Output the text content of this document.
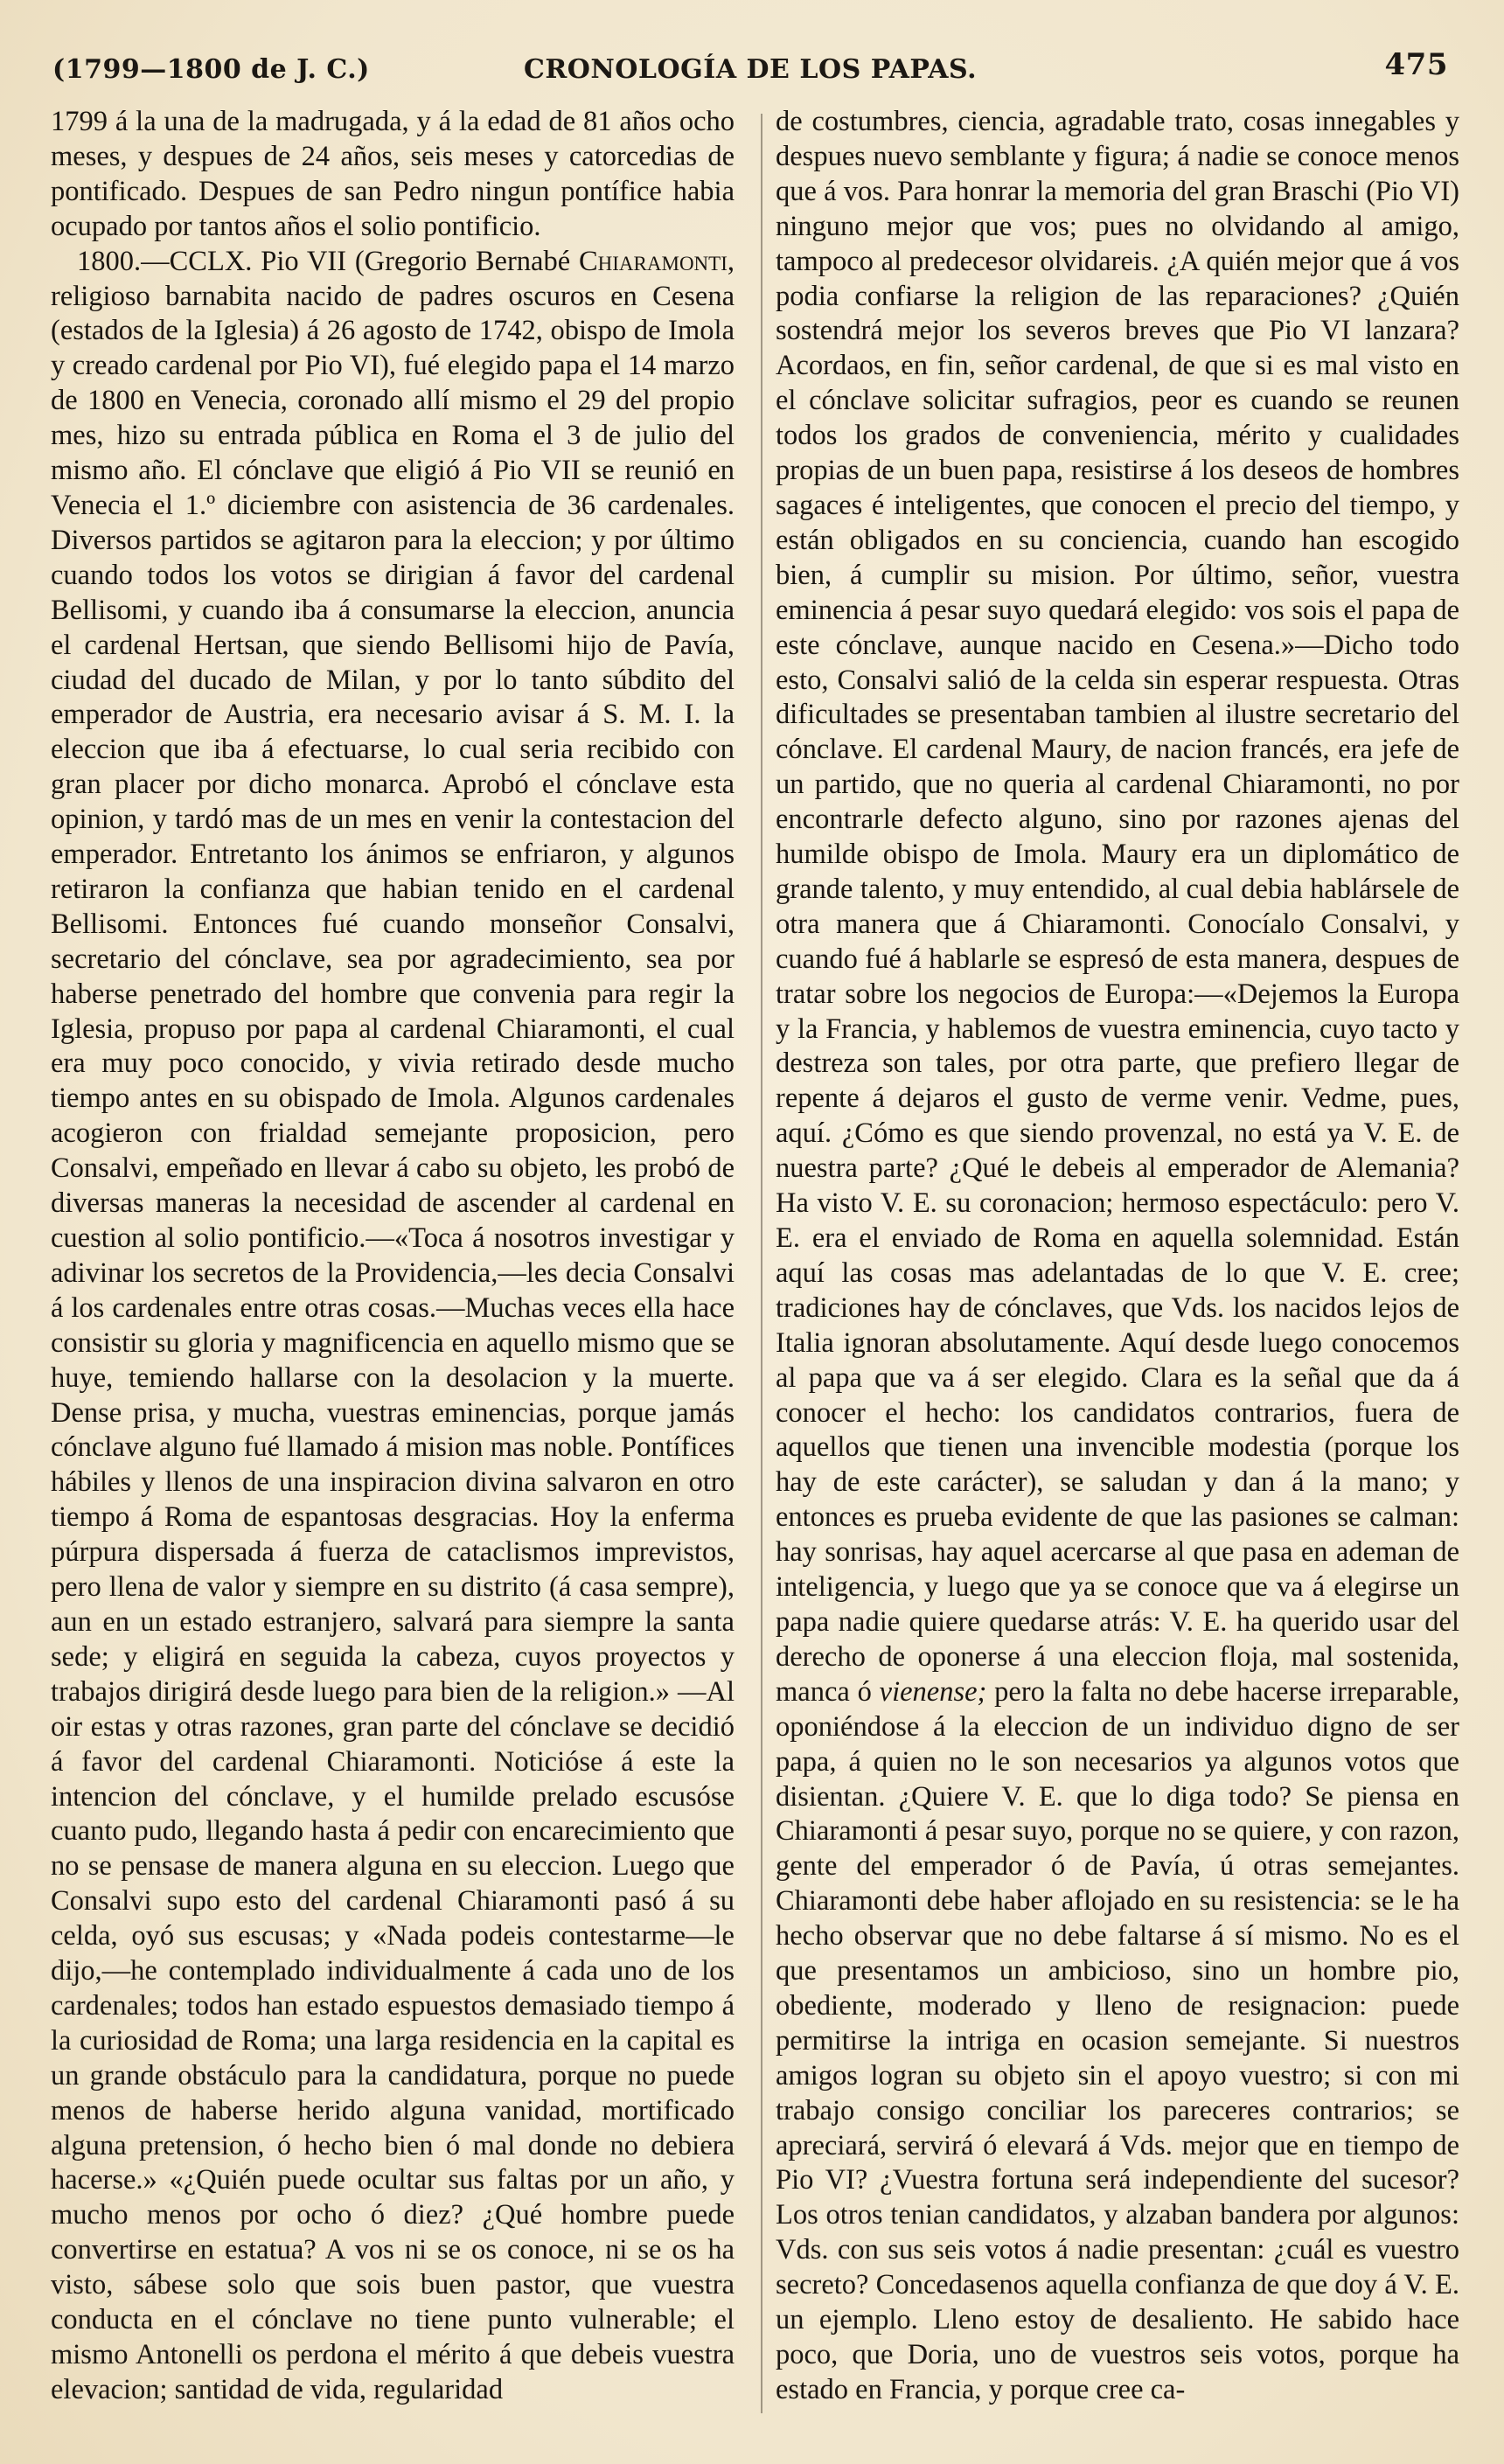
(1799—1800 de J. C.)	CRONOLOGÍA DE LOS PAPAS.	475

1799 á la una de la madrugada, y á la edad de 81 años ocho meses, y despues de 24 años, seis meses y catorcedias de pontificado. Despues de san Pedro ningun pontífice habia ocupado por tantos años el solio pontificio.

1800.—CCLX. Pio VII (Gregorio Bernabé Chiaramonti, religioso barnabita nacido de padres oscuros en Cesena (estados de la Iglesia) á 26 agosto de 1742, obispo de Imola y creado cardenal por Pio VI), fué elegido papa el 14 marzo de 1800 en Venecia, coronado allí mismo el 29 del propio mes, hizo su entrada pública en Roma el 3 de julio del mismo año. El cónclave que eligió á Pio VII se reunió en Venecia el 1.º diciembre con asistencia de 36 cardenales. Diversos partidos se agitaron para la eleccion; y por último cuando todos los votos se dirigian á favor del cardenal Bellisomi, y cuando iba á consumarse la eleccion, anuncia el cardenal Hertsan, que siendo Bellisomi hijo de Pavía, ciudad del ducado de Milan, y por lo tanto súbdito del emperador de Austria, era necesario avisar á S. M. I. la eleccion que iba á efectuarse, lo cual seria recibido con gran placer por dicho monarca. Aprobó el cónclave esta opinion, y tardó mas de un mes en venir la contestacion del emperador. Entretanto los ánimos se enfriaron, y algunos retiraron la confianza que habian tenido en el cardenal Bellisomi. Entonces fué cuando monseñor Consalvi, secretario del cónclave, sea por agradecimiento, sea por haberse penetrado del hombre que convenia para regir la Iglesia, propuso por papa al cardenal Chiaramonti, el cual era muy poco conocido, y vivia retirado desde mucho tiempo antes en su obispado de Imola. Algunos cardenales acogieron con frialdad semejante proposicion, pero Consalvi, empeñado en llevar á cabo su objeto, les probó de diversas maneras la necesidad de ascender al cardenal en cuestion al solio pontificio.—«Toca á nosotros investigar y adivinar los secretos de la Providencia,—les decia Consalvi á los cardenales entre otras cosas.—Muchas veces ella hace consistir su gloria y magnificencia en aquello mismo que se huye, temiendo hallarse con la desolacion y la muerte. Dense prisa, y mucha, vuestras eminencias, porque jamás cónclave alguno fué llamado á mision mas noble. Pontífices hábiles y llenos de una inspiracion divina salvaron en otro tiempo á Roma de espantosas desgracias. Hoy la enferma púrpura dispersada á fuerza de cataclismos imprevistos, pero llena de valor y siempre en su distrito (á casa sempre), aun en un estado estranjero, salvará para siempre la santa sede; y eligirá en seguida la cabeza, cuyos proyectos y trabajos dirigirá desde luego para bien de la religion.» —Al oir estas y otras razones, gran parte del cónclave se decidió á favor del cardenal Chiaramonti. Noticióse á este la intencion del cónclave, y el humilde prelado escusóse cuanto pudo, llegando hasta á pedir con encarecimiento que no se pensase de manera alguna en su eleccion. Luego que Consalvi supo esto del cardenal Chiaramonti pasó á su celda, oyó sus escusas; y «Nada podeis contestarme—le dijo,—he contemplado individualmente á cada uno de los cardenales; todos han estado espuestos demasiado tiempo á la curiosidad de Roma; una larga residencia en la capital es un grande obstáculo para la candidatura, porque no puede menos de haberse herido alguna vanidad, mortificado alguna pretension, ó hecho bien ó mal donde no debiera hacerse.» «¿Quién puede ocultar sus faltas por un año, y mucho menos por ocho ó diez? ¿Qué hombre puede convertirse en estatua? A vos ni se os conoce, ni se os ha visto, sábese solo que sois buen pastor, que vuestra conducta en el cónclave no tiene punto vulnerable; el mismo Antonelli os perdona el mérito á que debeis vuestra elevacion; santidad de vida, regularidad

de costumbres, ciencia, agradable trato, cosas innegables y despues nuevo semblante y figura; á nadie se conoce menos que á vos. Para honrar la memoria del gran Braschi (Pio VI) ninguno mejor que vos; pues no olvidando al amigo, tampoco al predecesor olvidareis. ¿A quién mejor que á vos podia confiarse la religion de las reparaciones? ¿Quién sostendrá mejor los severos breves que Pio VI lanzara? Acordaos, en fin, señor cardenal, de que si es mal visto en el cónclave solicitar sufragios, peor es cuando se reunen todos los grados de conveniencia, mérito y cualidades propias de un buen papa, resistirse á los deseos de hombres sagaces é inteligentes, que conocen el precio del tiempo, y están obligados en su conciencia, cuando han escogido bien, á cumplir su mision. Por último, señor, vuestra eminencia á pesar suyo quedará elegido: vos sois el papa de este cónclave, aunque nacido en Cesena.»—Dicho todo esto, Consalvi salió de la celda sin esperar respuesta. Otras dificultades se presentaban tambien al ilustre secretario del cónclave. El cardenal Maury, de nacion francés, era jefe de un partido, que no queria al cardenal Chiaramonti, no por encontrarle defecto alguno, sino por razones ajenas del humilde obispo de Imola. Maury era un diplomático de grande talento, y muy entendido, al cual debia hablársele de otra manera que á Chiaramonti. Conocíalo Consalvi, y cuando fué á hablarle se espresó de esta manera, despues de tratar sobre los negocios de Europa:—«Dejemos la Europa y la Francia, y hablemos de vuestra eminencia, cuyo tacto y destreza son tales, por otra parte, que prefiero llegar de repente á dejaros el gusto de verme venir. Vedme, pues, aquí. ¿Cómo es que siendo provenzal, no está ya V. E. de nuestra parte? ¿Qué le debeis al emperador de Alemania? Ha visto V. E. su coronacion; hermoso espectáculo: pero V. E. era el enviado de Roma en aquella solemnidad. Están aquí las cosas mas adelantadas de lo que V. E. cree; tradiciones hay de cónclaves, que Vds. los nacidos lejos de Italia ignoran absolutamente. Aquí desde luego conocemos al papa que va á ser elegido. Clara es la señal que da á conocer el hecho: los candidatos contrarios, fuera de aquellos que tienen una invencible modestia (porque los hay de este carácter), se saludan y dan á la mano; y entonces es prueba evidente de que las pasiones se calman: hay sonrisas, hay aquel acercarse al que pasa en ademan de inteligencia, y luego que ya se conoce que va á elegirse un papa nadie quiere quedarse atrás: V. E. ha querido usar del derecho de oponerse á una eleccion floja, mal sostenida, manca ó vienense; pero la falta no debe hacerse irreparable, oponiéndose á la eleccion de un individuo digno de ser papa, á quien no le son necesarios ya algunos votos que disientan. ¿Quiere V. E. que lo diga todo? Se piensa en Chiaramonti á pesar suyo, porque no se quiere, y con razon, gente del emperador ó de Pavía, ú otras semejantes. Chiaramonti debe haber aflojado en su resistencia: se le ha hecho observar que no debe faltarse á sí mismo. No es el que presentamos un ambicioso, sino un hombre pio, obediente, moderado y lleno de resignacion: puede permitirse la intriga en ocasion semejante. Si nuestros amigos logran su objeto sin el apoyo vuestro; si con mi trabajo consigo conciliar los pareceres contrarios; se apreciará, servirá ó elevará á Vds. mejor que en tiempo de Pio VI? ¿Vuestra fortuna será independiente del sucesor? Los otros tenian candidatos, y alzaban bandera por algunos: Vds. con sus seis votos á nadie presentan: ¿cuál es vuestro secreto? Concedasenos aquella confianza de que doy á V. E. un ejemplo. Lleno estoy de desaliento. He sabido hace poco, que Doria, uno de vuestros seis votos, porque ha estado en Francia, y porque cree ca-
